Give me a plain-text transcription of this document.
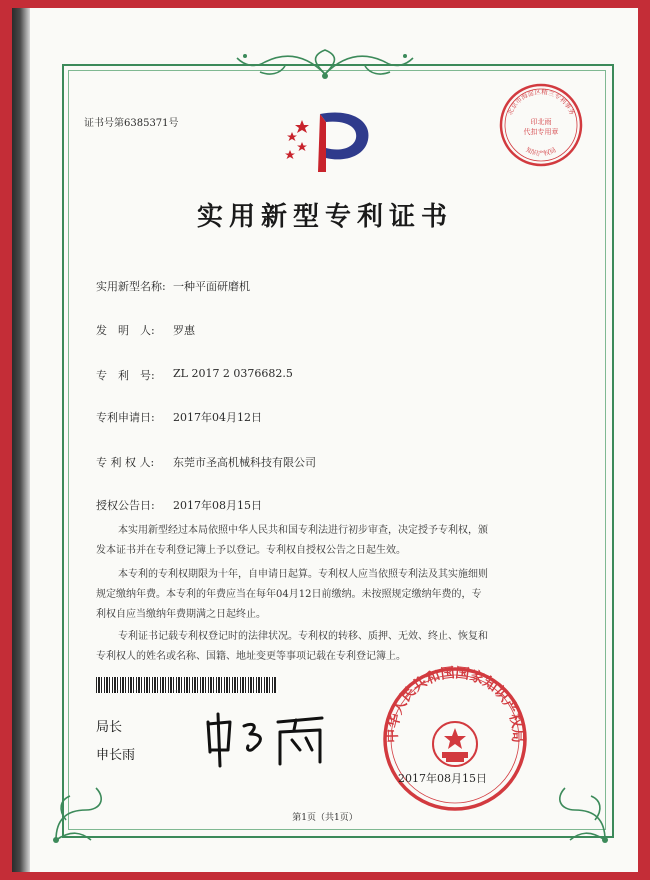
证书号第6385371号
北京市海淀区精兰专利事务
印北雨
代扣专用章
知识产权局
实用新型专利证书
实用新型名称: 一种平面研磨机
发　明　人: 罗惠
专　利　号: ZL 2017 2 0376682.5
专利申请日: 2017年04月12日
专 利 权 人: 东莞市圣高机械科技有限公司
授权公告日: 2017年08月15日
本实用新型经过本局依照中华人民共和国专利法进行初步审查，决定授予专利权，颁
发本证书并在专利登记簿上予以登记。专利权自授权公告之日起生效。
本专利的专利权期限为十年，自申请日起算。专利权人应当依照专利法及其实施细则
规定缴纳年费。本专利的年费应当在每年04月12日前缴纳。未按照规定缴纳年费的，专
利权自应当缴纳年费期满之日起终止。
专利证书记载专利权登记时的法律状况。专利权的转移、质押、无效、终止、恢复和
专利权人的姓名或名称、国籍、地址变更等事项记载在专利登记簿上。
局长
申长雨
中华人民共和国国家知识产权局
2017年08月15日
第1页（共1页）
